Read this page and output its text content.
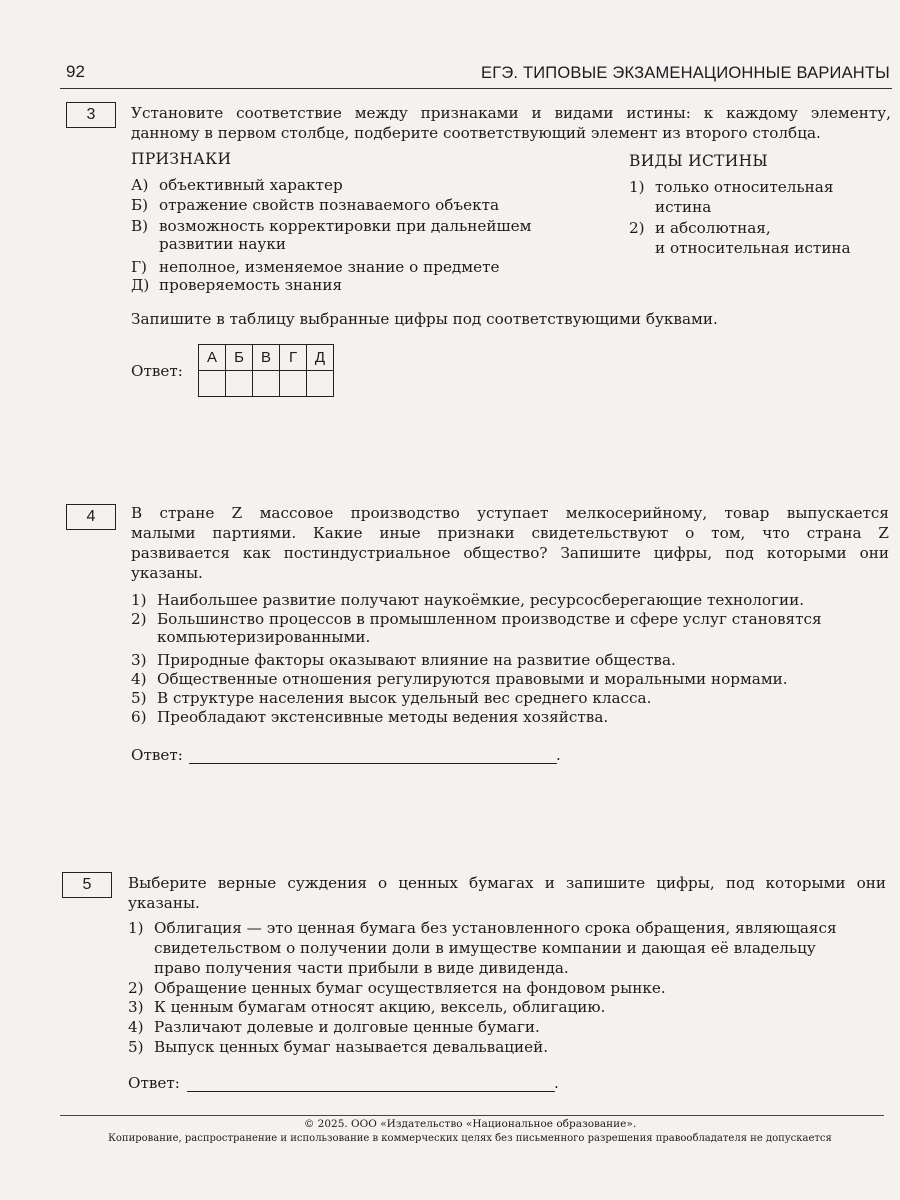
92	ЕГЭ. ТИПОВЫЕ ЭКЗАМЕНАЦИОННЫЕ ВАРИАНТЫ
3	Установите соответствие между признаками и видами истины: к каждому элементу,
данному в первом столбце, подберите соответствующий элемент из второго столбца.
ПРИЗНАКИ	ВИДЫ ИСТИНЫ
А) объективный характер
Б) отражение свойств познаваемого объекта
В) возможность корректировки при дальнейшем
развитии науки
Г) неполное, изменяемое знание о предмете
Д) проверяемость знания
1) только относительная
истина
2) и абсолютная,
и относительная истина
Запишите в таблицу выбранные цифры под соответствующими буквами.
Ответ:
А	Б	В	Г	Д

4	В стране Z массовое производство уступает мелкосерийному, товар выпускается
малыми партиями. Какие иные признаки свидетельствуют о том, что страна Z
развивается как постиндустриальное общество? Запишите цифры, под которыми они
указаны.
1) Наибольшее развитие получают наукоёмкие, ресурсосберегающие технологии.
2) Большинство процессов в промышленном производстве и сфере услуг становятся
компьютеризированными.
3) Природные факторы оказывают влияние на развитие общества.
4) Общественные отношения регулируются правовыми и моральными нормами.
5) В структуре населения высок удельный вес среднего класса.
6) Преобладают экстенсивные методы ведения хозяйства.
Ответ:	.
5	Выберите верные суждения о ценных бумагах и запишите цифры, под которыми они
указаны.
1) Облигация — это ценная бумага без установленного срока обращения, являющаяся
свидетельством о получении доли в имуществе компании и дающая её владельцу
право получения части прибыли в виде дивиденда.
2) Обращение ценных бумаг осуществляется на фондовом рынке.
3) К ценным бумагам относят акцию, вексель, облигацию.
4) Различают долевые и долговые ценные бумаги.
5) Выпуск ценных бумаг называется девальвацией.
Ответ:	.
© 2025. ООО «Издательство «Национальное образование».
Копирование, распространение и использование в коммерческих целях без письменного разрешения правообладателя не допускается
